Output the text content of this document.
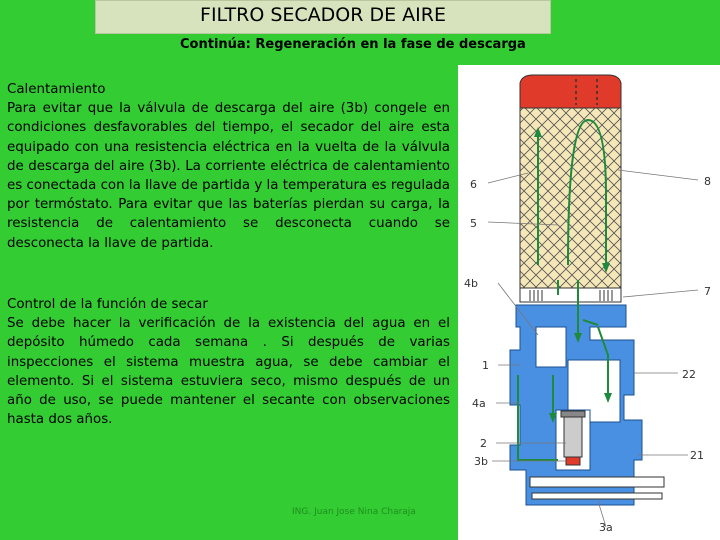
FILTRO SECADOR DE AIRE
Continúa: Regeneración en la fase de descarga
Calentamiento
Para evitar que la válvula de descarga del aire (3b) congele en condiciones desfavorables del tiempo, el secador del aire esta equipado con una resistencia eléctrica en la vuelta de la válvula de descarga del aire (3b). La corriente eléctrica de calentamiento es conectada con la llave de partida y la temperatura es regulada por termóstato. Para evitar que las baterías pierdan su carga, la resistencia de calentamiento se desconecta cuando se desconecta la llave de partida.
Control de la función de secar
Se debe hacer la verificación de la existencia del agua en el depósito húmedo cada semana . Si después de varias inspecciones el sistema muestra agua, se debe cambiar el elemento. Si el sistema estuviera seco, mismo después de un año de uso, se puede mantener el secante con observaciones hasta dos años.
ING. Juan Jose Nina Charaja
6	8
5
4b
7
1
22
4a
2
21
3b
3a
